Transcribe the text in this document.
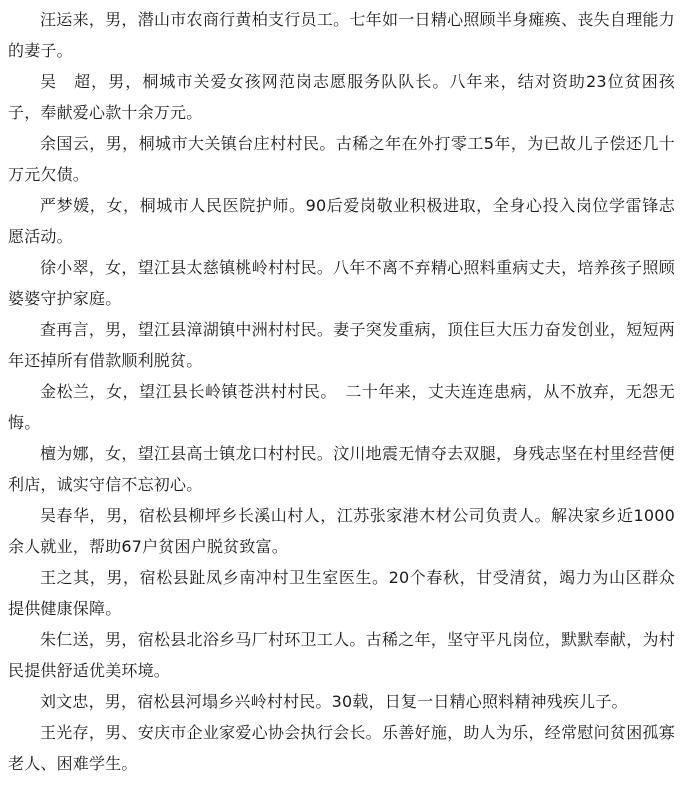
汪运来，男，潜山市农商行黄柏支行员工。七年如一日精心照顾半身瘫痪、丧失自理能力的妻子。

吴　超，男，桐城市关爱女孩网范岗志愿服务队队长。八年来，结对资助23位贫困孩子，奉献爱心款十余万元。

余国云，男，桐城市大关镇台庄村村民。古稀之年在外打零工5年，为已故儿子偿还几十万元欠债。

严梦媛，女，桐城市人民医院护师。90后爱岗敬业积极进取，全身心投入岗位学雷锋志愿活动。

徐小翠，女，望江县太慈镇桃岭村村民。八年不离不弃精心照料重病丈夫，培养孩子照顾婆婆守护家庭。

查再言，男，望江县漳湖镇中洲村村民。妻子突发重病，顶住巨大压力奋发创业，短短两年还掉所有借款顺利脱贫。

金松兰，女，望江县长岭镇苍洪村村民。　二十年来，丈夫连连患病，从不放弃，无怨无悔。

檀为娜，女，望江县高士镇龙口村村民。汶川地震无情夺去双腿，身残志坚在村里经营便利店，诚实守信不忘初心。

吴春华，男，宿松县柳坪乡长溪山村人，江苏张家港木材公司负责人。解决家乡近1000余人就业，帮助67户贫困户脱贫致富。

王之其，男，宿松县趾凤乡南冲村卫生室医生。20个春秋，甘受清贫，竭力为山区群众提供健康保障。

朱仁送，男，宿松县北浴乡马厂村环卫工人。古稀之年，坚守平凡岗位，默默奉献，为村民提供舒适优美环境。

刘文忠，男，宿松县河塌乡兴岭村村民。30载，日复一日精心照料精神残疾儿子。

王光存，男、安庆市企业家爱心协会执行会长。乐善好施，助人为乐，经常慰问贫困孤寡老人、困难学生。
